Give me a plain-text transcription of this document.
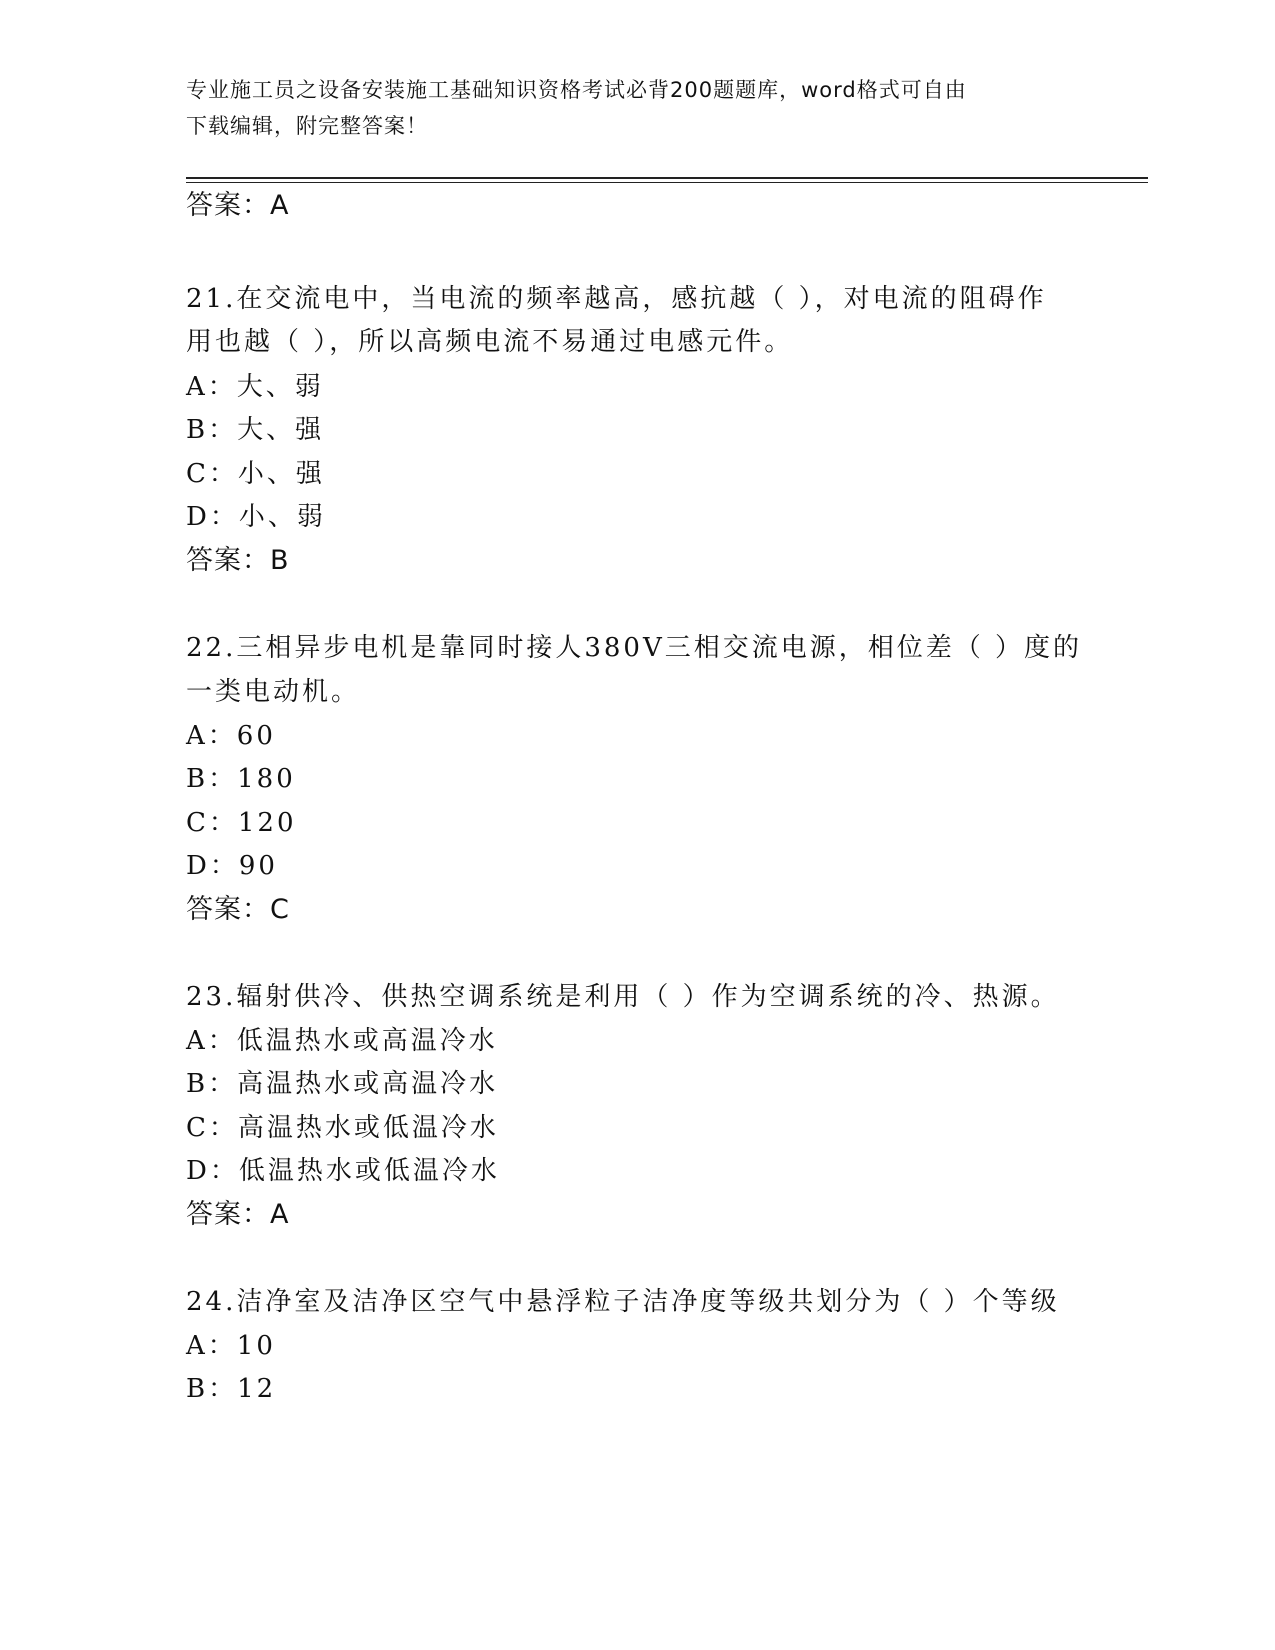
专业施工员之设备安装施工基础知识资格考试必背200题题库，word格式可自由
下载编辑，附完整答案！
答案：A
21.在交流电中，当电流的频率越高，感抗越（ ），对电流的阻碍作
用也越（ ），所以高频电流不易通过电感元件。
A：大、弱
B：大、强
C：小、强
D：小、弱
答案：B
22.三相异步电机是靠同时接人380V三相交流电源，相位差（ ）度的
一类电动机。
A：60
B：180
C：120
D：90
答案：C
23.辐射供冷、供热空调系统是利用（ ）作为空调系统的冷、热源。
A：低温热水或高温冷水
B：高温热水或高温冷水
C：高温热水或低温冷水
D：低温热水或低温冷水
答案：A
24.洁净室及洁净区空气中悬浮粒子洁净度等级共划分为（ ）个等级
A：10
B：12
